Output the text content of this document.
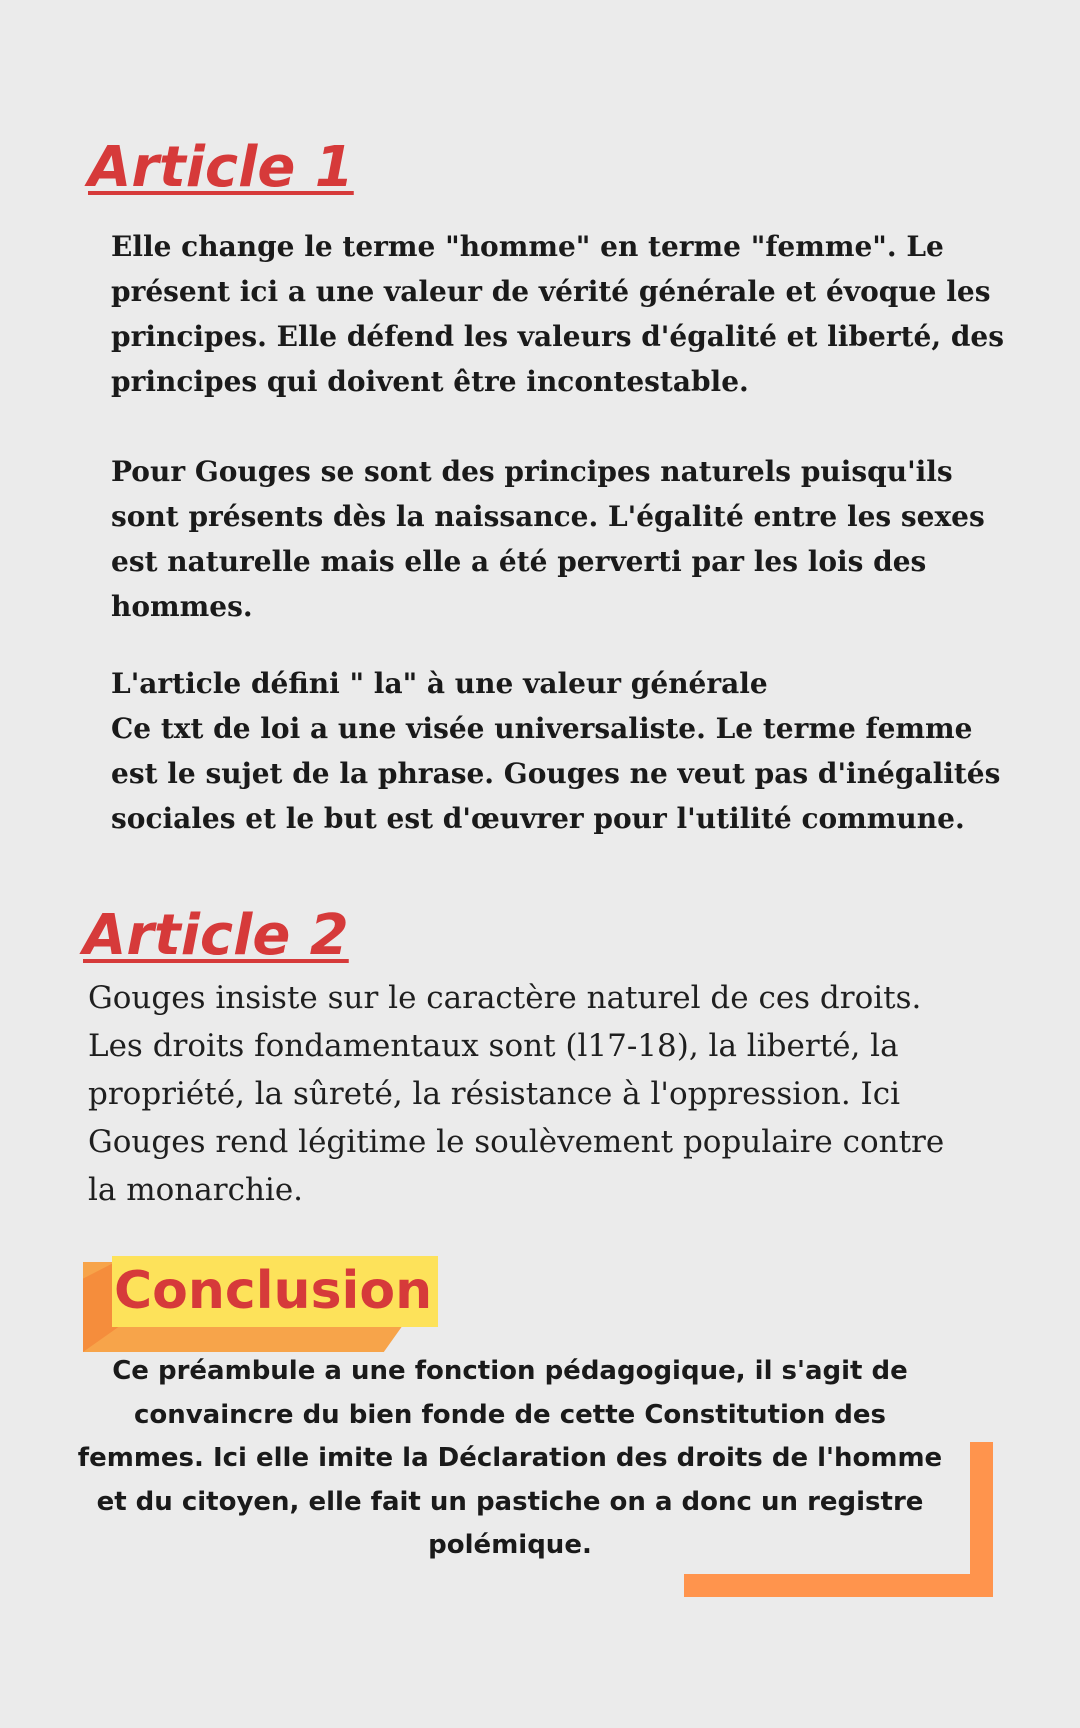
Article 1

Elle change le terme "homme" en terme "femme". Le
présent ici a une valeur de vérité générale et évoque les
principes. Elle défend les valeurs d'égalité et liberté, des
principes qui doivent être incontestable.

Pour Gouges se sont des principes naturels puisqu'ils
sont présents dès la naissance. L'égalité entre les sexes
est naturelle mais elle a été perverti par les lois des
hommes.

L'article défini " la" à une valeur générale
Ce txt de loi a une visée universaliste. Le terme femme
est le sujet de la phrase. Gouges ne veut pas d'inégalités
sociales et le but est d'œuvrer pour l'utilité commune.

Article 2

Gouges insiste sur le caractère naturel de ces droits.
Les droits fondamentaux sont (l17-18), la liberté, la
propriété, la sûreté, la résistance à l'oppression. Ici
Gouges rend légitime le soulèvement populaire contre
la monarchie.

Conclusion

Ce préambule a une fonction pédagogique, il s'agit de
convaincre du bien fonde de cette Constitution des
femmes. Ici elle imite la Déclaration des droits de l'homme
et du citoyen, elle fait un pastiche on a donc un registre
polémique.
